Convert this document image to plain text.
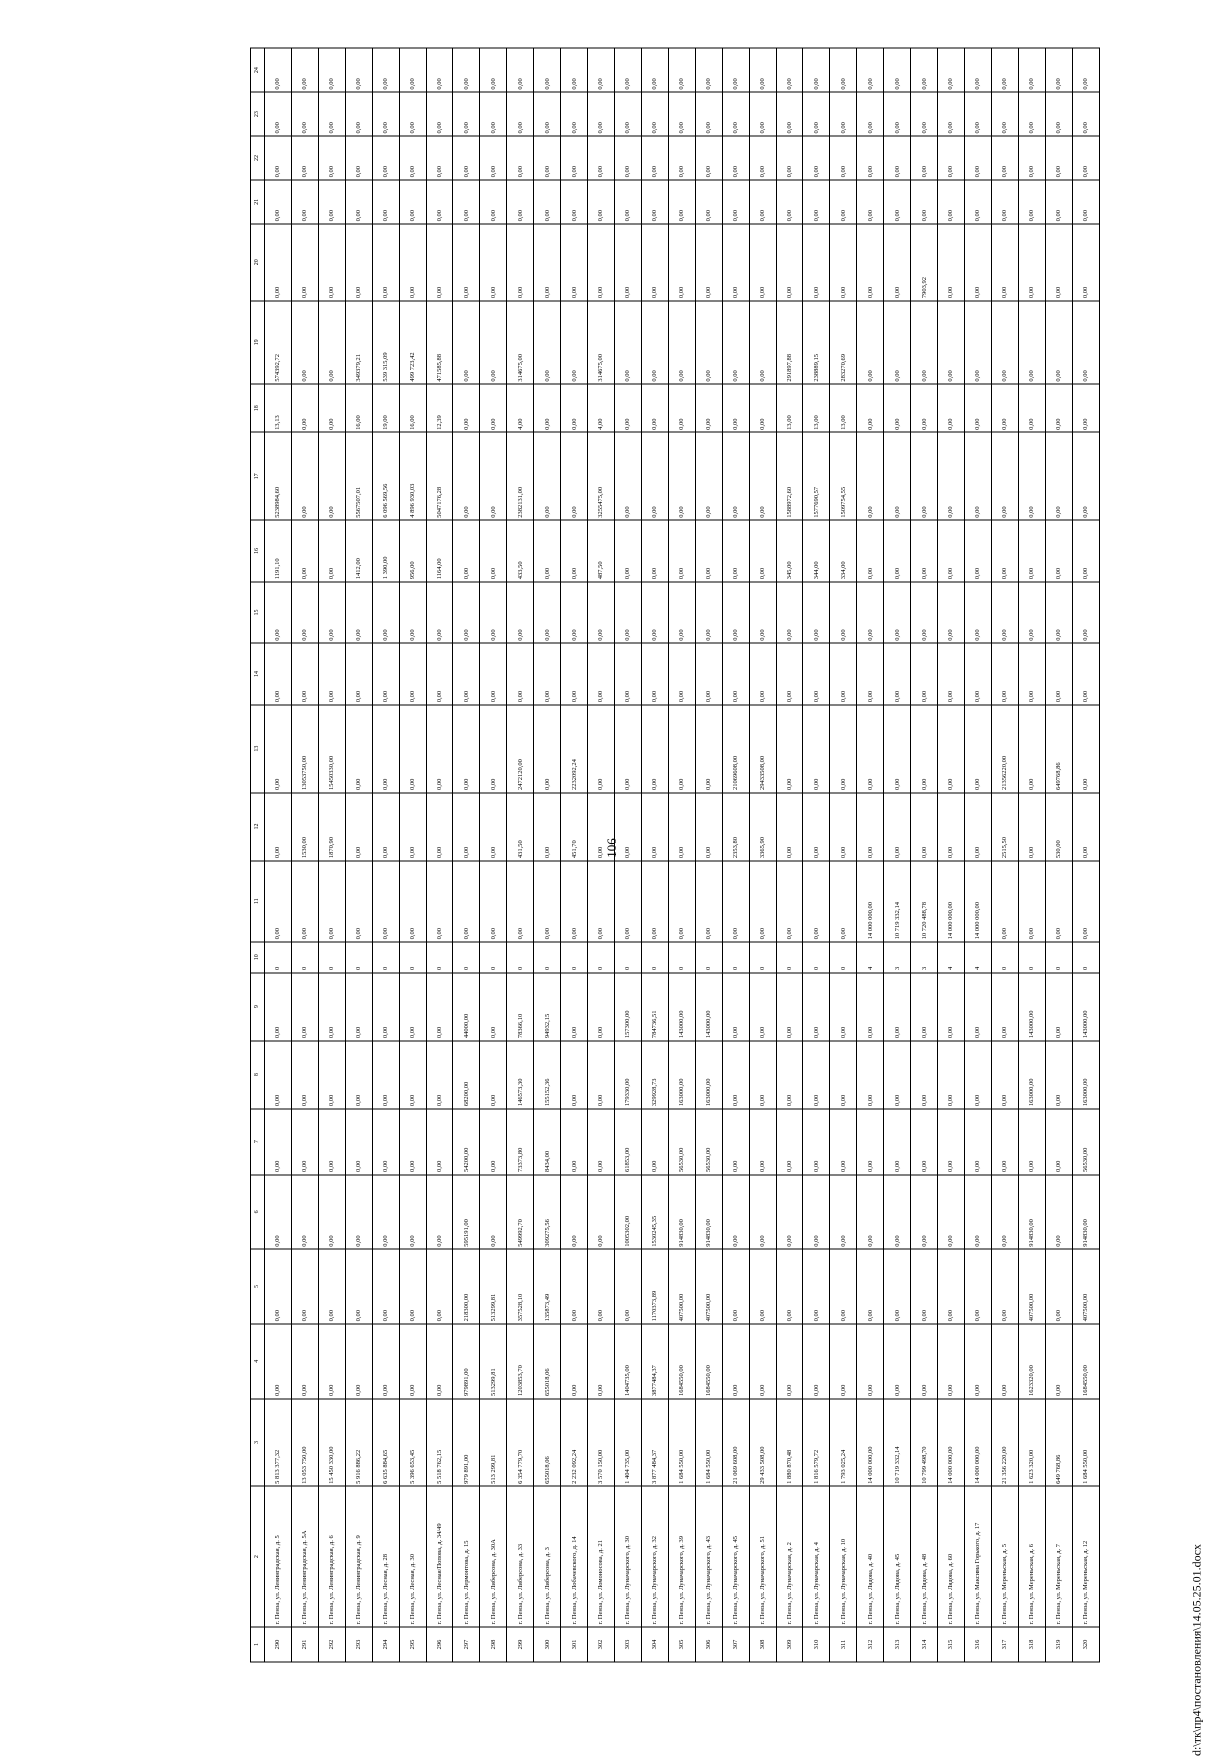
106
1	2	3	4	5	6	7	8	9	10	11	12	13	14	15	16	17	18	19	20	21	22	23	24
290	г. Пенза, ул. Ленинградская, д. 5	5 813 377,32	0,00	0,00	0,00	0,00	0,00	0,00	0	0,00	0,00	0,00	0,00	0,00	1191,10	5238984,60	13,13	574392,72	0,00	0,00	0,00	0,00	0,00
291	г. Пенза, ул. Ленинградская, д. 5А	13 053 750,00	0,00	0,00	0,00	0,00	0,00	0,00	0	0,00	1530,00	13053750,00	0,00	0,00	0,00	0,00	0,00	0,00	0,00	0,00	0,00	0,00	0,00
292	г. Пенза, ул. Ленинградская, д. 6	15 450 330,00	0,00	0,00	0,00	0,00	0,00	0,00	0	0,00	1870,90	15450330,00	0,00	0,00	0,00	0,00	0,00	0,00	0,00	0,00	0,00	0,00	0,00
293	г. Пенза, ул. Ленинградская, д. 9	5 916 886,22	0,00	0,00	0,00	0,00	0,00	0,00	0	0,00	0,00	0,00	0,00	0,00	1412,00	5567507,01	16,00	349379,21	0,00	0,00	0,00	0,00	0,00
294	г. Пенза, ул. Лесная, д. 28	6 635 884,65	0,00	0,00	0,00	0,00	0,00	0,00	0	0,00	0,00	0,00	0,00	0,00	1 390,00	6 096 569,56	19,00	539 315,09	0,00	0,00	0,00	0,00	0,00
295	г. Пенза, ул. Лесная, д. 30	5 396 653,45	0,00	0,00	0,00	0,00	0,00	0,00	0	0,00	0,00	0,00	0,00	0,00	956,00	4 896 930,03	16,00	499 723,42	0,00	0,00	0,00	0,00	0,00
296	г. Пенза, ул. Лесная/Попова, д. 34/49	5 518 762,15	0,00	0,00	0,00	0,00	0,00	0,00	0	0,00	0,00	0,00	0,00	0,00	1164,00	5047176,28	12,39	471585,88	0,00	0,00	0,00	0,00	0,00
297	г. Пенза, ул. Лермонтова, д. 15	979 891,00	979891,00	218300,00	595191,00	54200,00	68200,00	44000,00	0	0,00	0,00	0,00	0,00	0,00	0,00	0,00	0,00	0,00	0,00	0,00	0,00	0,00	0,00
298	г. Пенза, ул. Либерсона, д. 30А	513 299,81	513299,81	513299,81	0,00	0,00	0,00	0,00	0	0,00	0,00	0,00	0,00	0,00	0,00	0,00	0,00	0,00	0,00	0,00	0,00	0,00	0,00
299	г. Пенза, ул. Либерсона, д. 33	6 354 779,70	1203853,70	357528,10	549992,70	73373,80	146573,30	78366,10	0	0,00	431,50	2472120,00	0,00	0,00	433,50	2382131,00	4,00	314675,00	0,00	0,00	0,00	0,00	0,00
300	г. Пенза, ул. Либерсона, д. 3	655018,06	655018,06	135873,49	309275,56	8434,00	155152,36	94932,15	0	0,00	0,00	0,00	0,00	0,00	0,00	0,00	0,00	0,00	0,00	0,00	0,00	0,00	0,00
301	г. Пенза, ул. Лобачевского, д. 14	2 232 092,24	0,00	0,00	0,00	0,00	0,00	0,00	0	0,00	451,70	2232092,24	0,00	0,00	0,00	0,00	0,00	0,00	0,00	0,00	0,00	0,00	0,00
302	г. Пенза, ул. Ломоносова, д. 21	3 570 150,00	0,00	0,00	0,00	0,00	0,00	0,00	0	0,00	0,00	0,00	0,00	0,00	487,50	3255475,00	4,00	314675,00	0,00	0,00	0,00	0,00	0,00
303	г. Пенза, ул. Луначарского, д. 30	1 404 735,00	1404735,00	0,00	1005302,00	61853,00	179330,00	157300,00	0	0,00	0,00	0,00	0,00	0,00	0,00	0,00	0,00	0,00	0,00	0,00	0,00	0,00	0,00
304	г. Пенза, ул. Луначарского, д. 32	3 877 484,37	3877484,37	1170373,89	1530245,35	0,00	329928,73	784736,51	0	0,00	0,00	0,00	0,00	0,00	0,00	0,00	0,00	0,00	0,00	0,00	0,00	0,00	0,00
305	г. Пенза, ул. Луначарского, д. 39	1 684 550,00	1684550,00	407500,00	914830,00	56530,00	163000,00	143000,00	0	0,00	0,00	0,00	0,00	0,00	0,00	0,00	0,00	0,00	0,00	0,00	0,00	0,00	0,00
306	г. Пенза, ул. Луначарского, д. 43	1 684 550,00	1684550,00	407500,00	914830,00	56530,00	163000,00	143000,00	0	0,00	0,00	0,00	0,00	0,00	0,00	0,00	0,00	0,00	0,00	0,00	0,00	0,00	0,00
307	г. Пенза, ул. Луначарского, д. 45	21 069 608,00	0,00	0,00	0,00	0,00	0,00	0,00	0	0,00	2353,80	21069608,00	0,00	0,00	0,00	0,00	0,00	0,00	0,00	0,00	0,00	0,00	0,00
308	г. Пенза, ул. Луначарского, д. 51	29 433 508,00	0,00	0,00	0,00	0,00	0,00	0,00	0	0,00	3365,90	29433508,00	0,00	0,00	0,00	0,00	0,00	0,00	0,00	0,00	0,00	0,00	0,00
309	г. Пенза, ул. Луначарская, д. 2	1 880 870,48	0,00	0,00	0,00	0,00	0,00	0,00	0	0,00	0,00	0,00	0,00	0,00	345,00	1588972,60	13,00	291897,88	0,00	0,00	0,00	0,00	0,00
310	г. Пенза, ул. Луначарская, д. 4	1 816 579,72	0,00	0,00	0,00	0,00	0,00	0,00	0	0,00	0,00	0,00	0,00	0,00	344,00	1577690,57	13,00	238889,15	0,00	0,00	0,00	0,00	0,00
311	г. Пенза, ул. Луначарская, д. 10	1 793 025,24	0,00	0,00	0,00	0,00	0,00	0,00	0	0,00	0,00	0,00	0,00	0,00	334,00	1509754,55	13,00	283270,69	0,00	0,00	0,00	0,00	0,00
312	г. Пенза, ул. Лядова, д. 40	14 000 000,00	0,00	0,00	0,00	0,00	0,00	0,00	4	14 000 000,00	0,00	0,00	0,00	0,00	0,00	0,00	0,00	0,00	0,00	0,00	0,00	0,00	0,00
313	г. Пенза, ул. Лядова, д. 45	10 719 332,14	0,00	0,00	0,00	0,00	0,00	0,00	3	10 719 332,14	0,00	0,00	0,00	0,00	0,00	0,00	0,00	0,00	0,00	0,00	0,00	0,00	0,00
314	г. Пенза, ул. Лядова, д. 48	10 799 498,70	0,00	0,00	0,00	0,00	0,00	0,00	3	10 720 488,78	0,00	0,00	0,00	0,00	0,00	0,00	0,00	0,00	7903,92	0,00	0,00	0,00	0,00
315	г. Пенза, ул. Лядова, д. 60	14 000 000,00	0,00	0,00	0,00	0,00	0,00	0,00	4	14 000 000,00	0,00	0,00	0,00	0,00	0,00	0,00	0,00	0,00	0,00	0,00	0,00	0,00	0,00
316	г. Пенза, ул. Максима Горького, д. 17	14 000 000,00	0,00	0,00	0,00	0,00	0,00	0,00	4	14 000 000,00	0,00	0,00	0,00	0,00	0,00	0,00	0,00	0,00	0,00	0,00	0,00	0,00	0,00
317	г. Пенза, ул. Мереньская, д. 5	21 356 220,00	0,00	0,00	0,00	0,00	0,00	0,00	0	0,00	2515,50	21356220,00	0,00	0,00	0,00	0,00	0,00	0,00	0,00	0,00	0,00	0,00	0,00
318	г. Пенза, ул. Мереньская, д. 6	1 623 320,00	1623320,00	407500,00	914830,00	0,00	163000,00	143000,00	0	0,00	0,00	0,00	0,00	0,00	0,00	0,00	0,00	0,00	0,00	0,00	0,00	0,00	0,00
319	г. Пенза, ул. Мереньская, д. 7	649 768,86	0,00	0,00	0,00	0,00	0,00	0,00	0	0,00	530,00	649768,86	0,00	0,00	0,00	0,00	0,00	0,00	0,00	0,00	0,00	0,00	0,00
320	г. Пенза, ул. Мереньская, д. 12	1 684 550,00	1684550,00	407500,00	914830,00	56530,00	163000,00	143000,00	0	0,00	0,00	0,00	0,00	0,00	0,00	0,00	0,00	0,00	0,00	0,00	0,00	0,00	0,00
d:\тк\пр4\постановления\14.05.25.01.docx
